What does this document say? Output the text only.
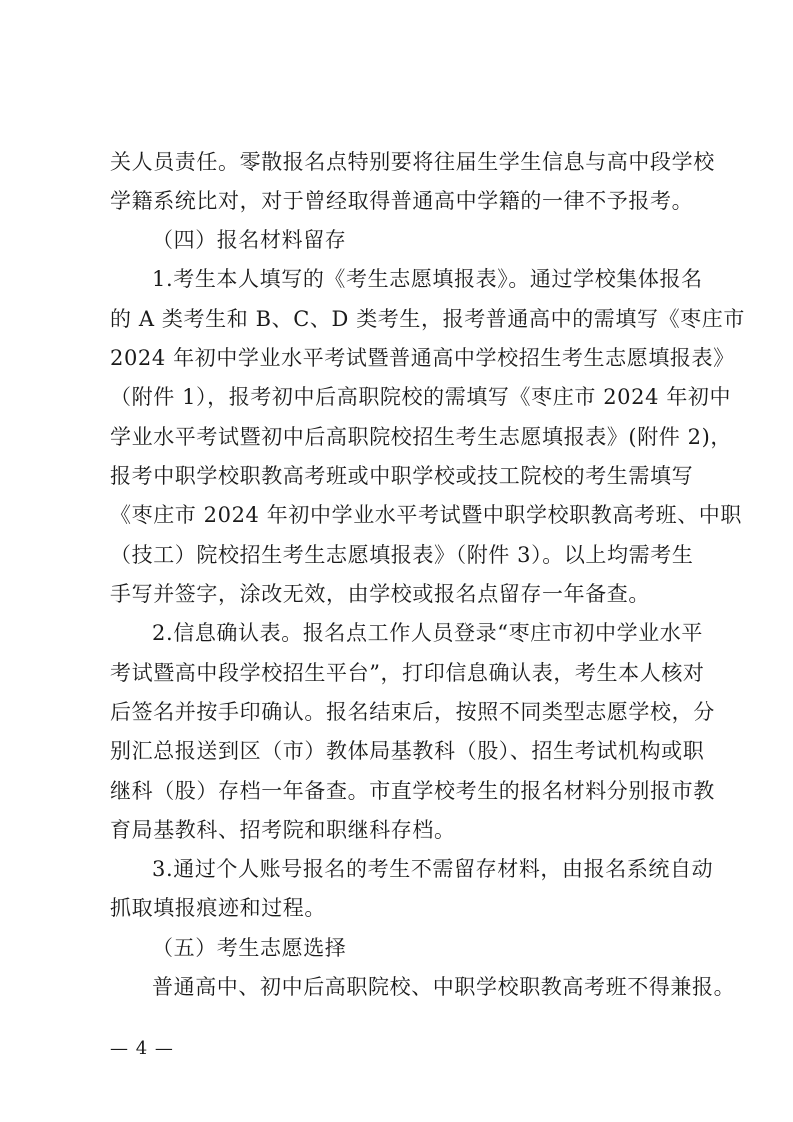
关人员责任。零散报名点特别要将往届生学生信息与高中段学校
学籍系统比对，对于曾经取得普通高中学籍的一律不予报考。
（四）报名材料留存
1.考生本人填写的《考生志愿填报表》。通过学校集体报名
的 A 类考生和 B、C、D 类考生，报考普通高中的需填写《枣庄市
2024 年初中学业水平考试暨普通高中学校招生考生志愿填报表》
（附件 1），报考初中后高职院校的需填写《枣庄市 2024 年初中
学业水平考试暨初中后高职院校招生考生志愿填报表》(附件 2)，
报考中职学校职教高考班或中职学校或技工院校的考生需填写
《枣庄市 2024 年初中学业水平考试暨中职学校职教高考班、中职
（技工）院校招生考生志愿填报表》（附件 3）。以上均需考生
手写并签字，涂改无效，由学校或报名点留存一年备查。
2.信息确认表。报名点工作人员登录“枣庄市初中学业水平
考试暨高中段学校招生平台”，打印信息确认表，考生本人核对
后签名并按手印确认。报名结束后，按照不同类型志愿学校，分
别汇总报送到区（市）教体局基教科（股）、招生考试机构或职
继科（股）存档一年备查。市直学校考生的报名材料分别报市教
育局基教科、招考院和职继科存档。
3.通过个人账号报名的考生不需留存材料，由报名系统自动
抓取填报痕迹和过程。
（五）考生志愿选择
普通高中、初中后高职院校、中职学校职教高考班不得兼报。
— 4 —
